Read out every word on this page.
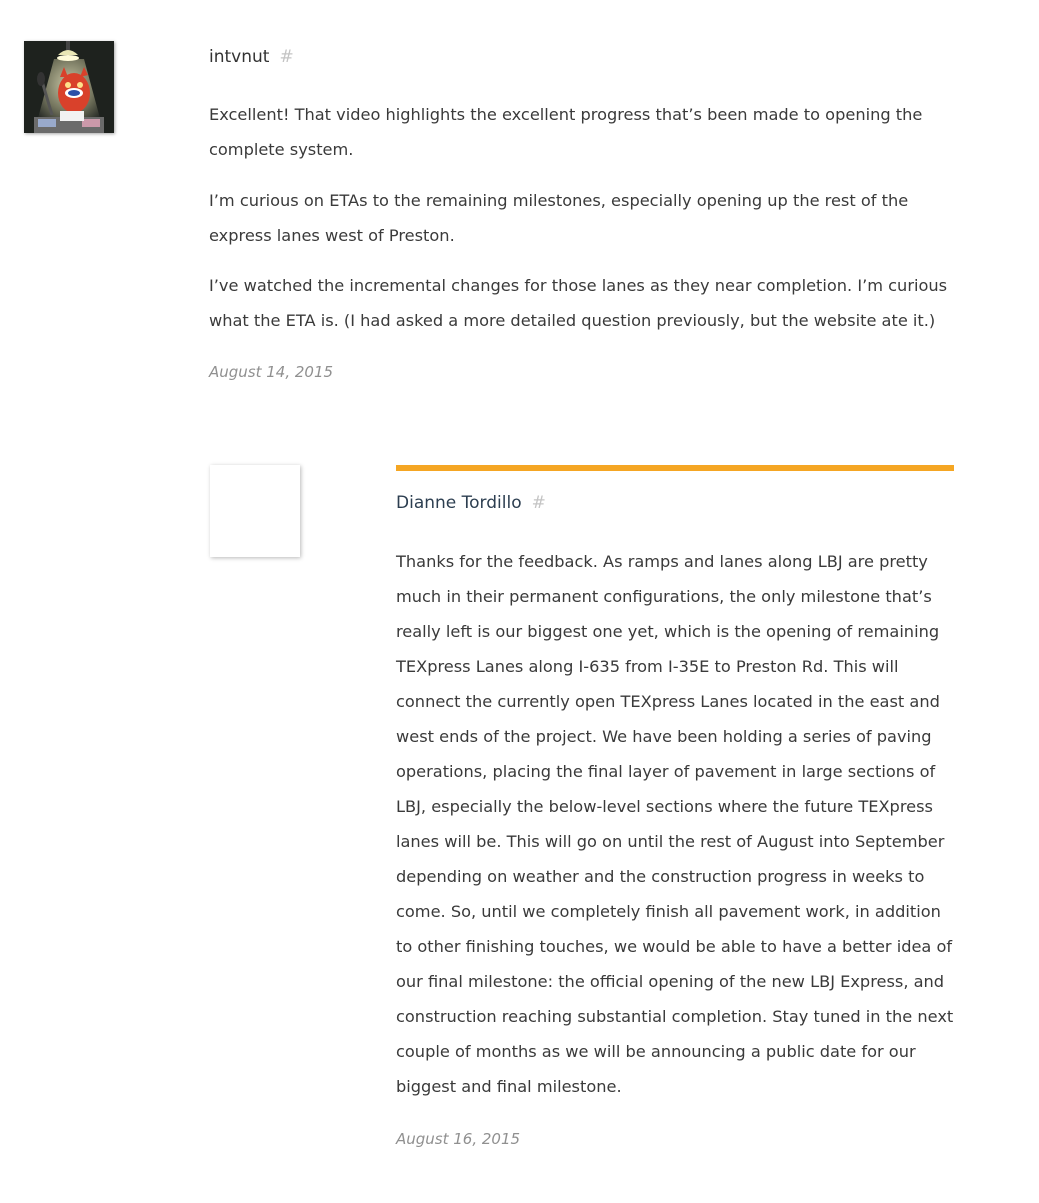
intvnut #

Excellent! That video highlights the excellent progress that’s been made to opening the complete system.

I’m curious on ETAs to the remaining milestones, especially opening up the rest of the express lanes west of Preston.

I’ve watched the incremental changes for those lanes as they near completion. I’m curious what the ETA is. (I had asked a more detailed question previously, but the website ate it.)

August 14, 2015
Dianne Tordillo #

Thanks for the feedback. As ramps and lanes along LBJ are pretty much in their permanent configurations, the only milestone that’s really left is our biggest one yet, which is the opening of remaining TEXpress Lanes along I-635 from I-35E to Preston Rd. This will connect the currently open TEXpress Lanes located in the east and west ends of the project. We have been holding a series of paving operations, placing the final layer of pavement in large sections of LBJ, especially the below-level sections where the future TEXpress lanes will be. This will go on until the rest of August into September depending on weather and the construction progress in weeks to come. So, until we completely finish all pavement work, in addition to other finishing touches, we would be able to have a better idea of our final milestone: the official opening of the new LBJ Express, and construction reaching substantial completion. Stay tuned in the next couple of months as we will be announcing a public date for our biggest and final milestone.

August 16, 2015
